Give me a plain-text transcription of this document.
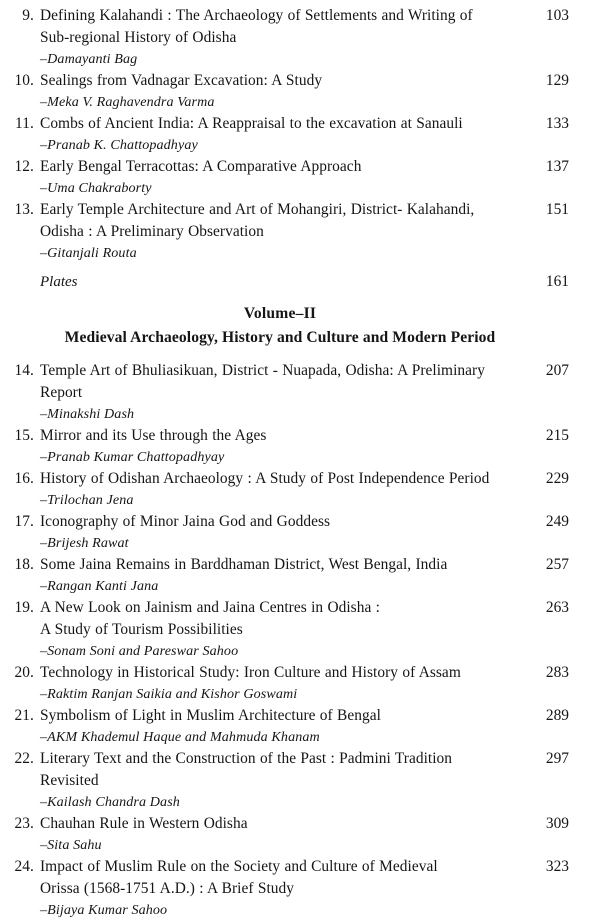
9. Defining Kalahandi : The Archaeology of Settlements and Writing of
Sub-regional History of Odisha
–Damayanti Bag
103
10. Sealings from Vadnagar Excavation: A Study
–Meka V. Raghavendra Varma
129
11. Combs of Ancient India: A Reappraisal to the excavation at Sanauli
–Pranab K. Chattopadhyay
133
12. Early Bengal Terracottas: A Comparative Approach
–Uma Chakraborty
137
13. Early Temple Architecture and Art of Mohangiri, District- Kalahandi,
Odisha : A Preliminary Observation
–Gitanjali Routa
151
Plates	161
Volume–II
Medieval Archaeology, History and Culture and Modern Period
14. Temple Art of Bhuliasikuan, District - Nuapada, Odisha: A Preliminary
Report
–Minakshi Dash
207
15. Mirror and its Use through the Ages
–Pranab Kumar Chattopadhyay
215
16. History of Odishan Archaeology : A Study of Post Independence Period
–Trilochan Jena
229
17. Iconography of Minor Jaina God and Goddess
–Brijesh Rawat
249
18. Some Jaina Remains in Barddhaman District, West Bengal, India
–Rangan Kanti Jana
257
19. A New Look on Jainism and Jaina Centres in Odisha :
A Study of Tourism Possibilities
–Sonam Soni and Pareswar Sahoo
263
20. Technology in Historical Study: Iron Culture and History of Assam
–Raktim Ranjan Saikia and Kishor Goswami
283
21. Symbolism of Light in Muslim Architecture of Bengal
–AKM Khademul Haque and Mahmuda Khanam
289
22. Literary Text and the Construction of the Past : Padmini Tradition
Revisited
–Kailash Chandra Dash
297
23. Chauhan Rule in Western Odisha
–Sita Sahu
309
24. Impact of Muslim Rule on the Society and Culture of Medieval
Orissa (1568-1751 A.D.) : A Brief Study
–Bijaya Kumar Sahoo
323
